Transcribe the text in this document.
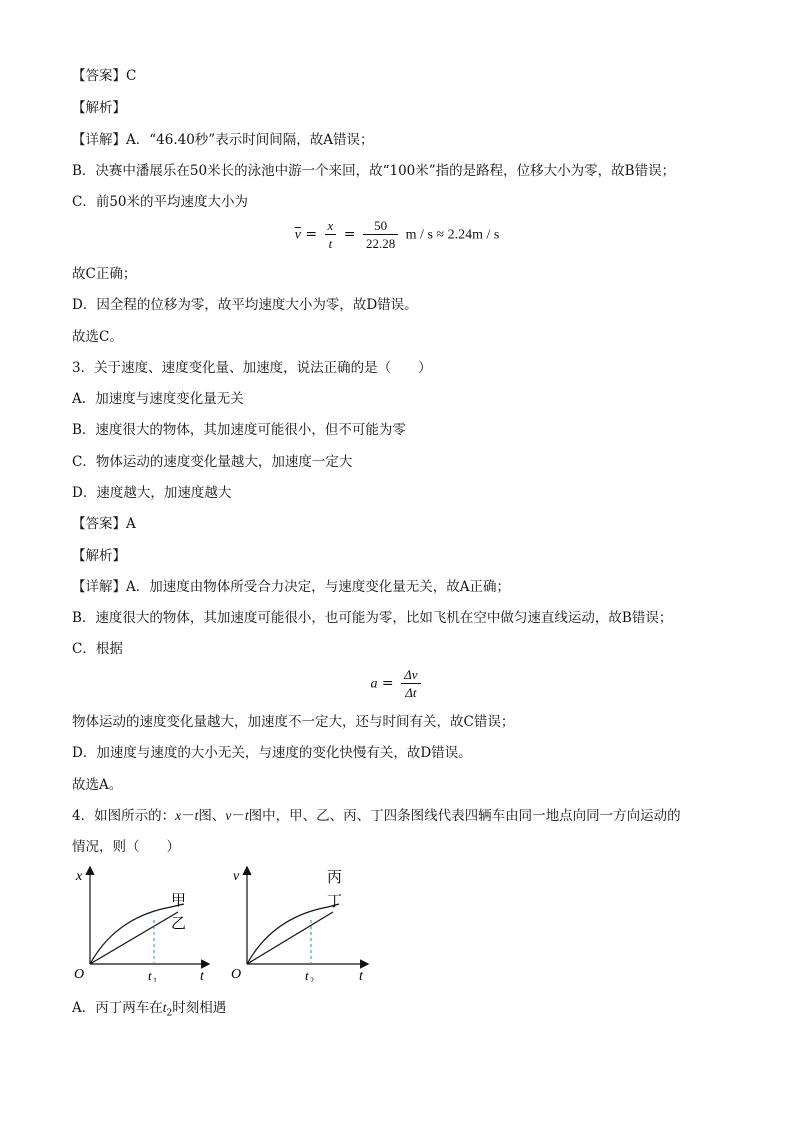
【答案】C
【解析】
【详解】A．“46.40秒”表示时间间隔，故A错误；
B．决赛中潘展乐在50米长的泳池中游一个来回，故“100米”指的是路程，位移大小为零，故B错误；
C．前50米的平均速度大小为
$\overline{v} = \frac{x}{t} = \frac{50}{22.28}$ m / s ≈ 2.24m / s
故C正确；
D．因全程的位移为零，故平均速度大小为零，故D错误。
故选C。
3．关于速度、速度变化量、加速度，说法正确的是（　　）
A．加速度与速度变化量无关
B．速度很大的物体，其加速度可能很小，但不可能为零
C．物体运动的速度变化量越大，加速度一定大
D．速度越大，加速度越大
【答案】A
【解析】
【详解】A．加速度由物体所受合力决定，与速度变化量无关，故A正确；
B．速度很大的物体，其加速度可能很小，也可能为零，比如飞机在空中做匀速直线运动，故B错误；
C．根据
$a = \frac{\Delta v}{\Delta t}$
物体运动的速度变化量越大，加速度不一定大，还与时间有关，故C错误；
D．加速度与速度的大小无关，与速度的变化快慢有关，故D错误。
故选A。
4．如图所示的：x－t图、v－t图中，甲、乙、丙、丁四条图线代表四辆车由同一地点向同一方向运动的
情况，则（　　）
x
t
O
甲
乙
t 1
v
t
O
丙
丁
t 2
A．丙丁两车在$t_2$时刻相遇
